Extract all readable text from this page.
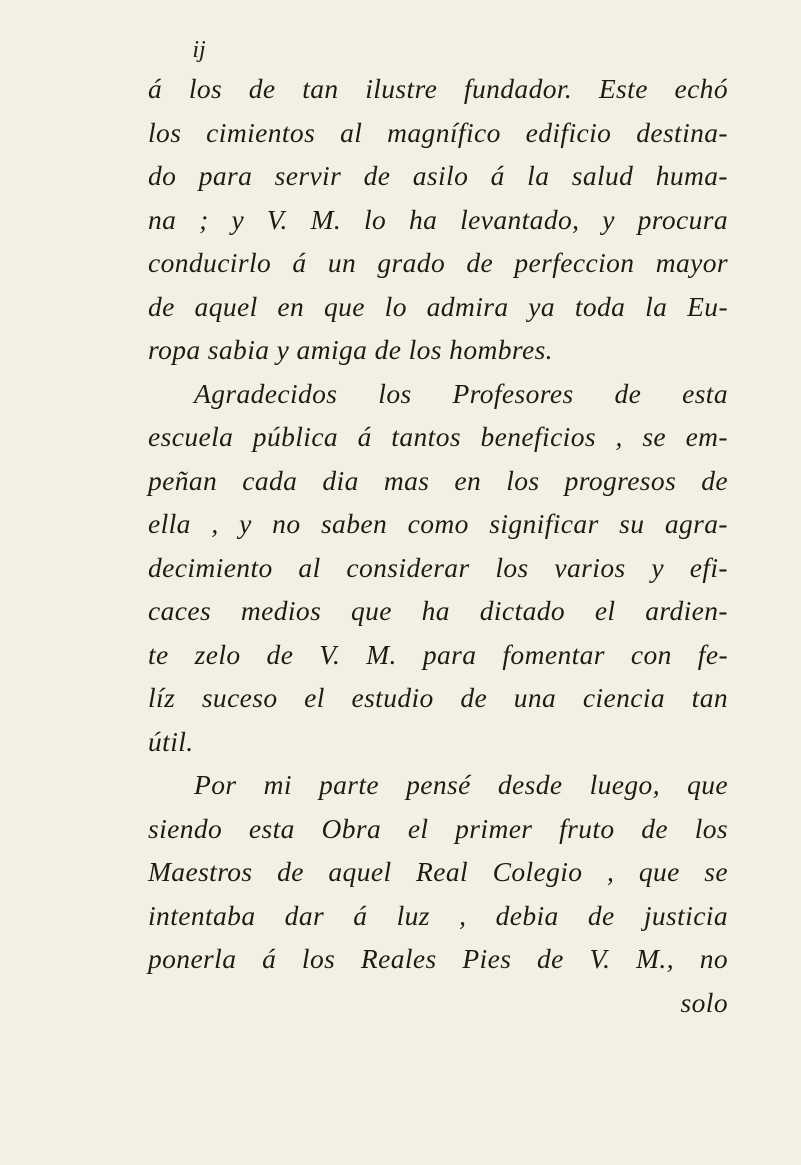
ij
á los de tan ilustre fundador. Este echó
los cimientos al magnífico edificio destina-
do para servir de asilo á la salud huma-
na ; y V. M. lo ha levantado, y procura
conducirlo á un grado de perfeccion mayor
de aquel en que lo admira ya toda la Eu-
ropa sabia y amiga de los hombres.
Agradecidos los Profesores de esta
escuela pública á tantos beneficios , se em-
peñan cada dia mas en los progresos de
ella , y no saben como significar su agra-
decimiento al considerar los varios y efi-
caces medios que ha dictado el ardien-
te zelo de V. M. para fomentar con fe-
líz suceso el estudio de una ciencia tan
útil.
Por mi parte pensé desde luego, que
siendo esta Obra el primer fruto de los
Maestros de aquel Real Colegio , que se
intentaba dar á luz , debia de justicia
ponerla á los Reales Pies de V. M., no
solo
